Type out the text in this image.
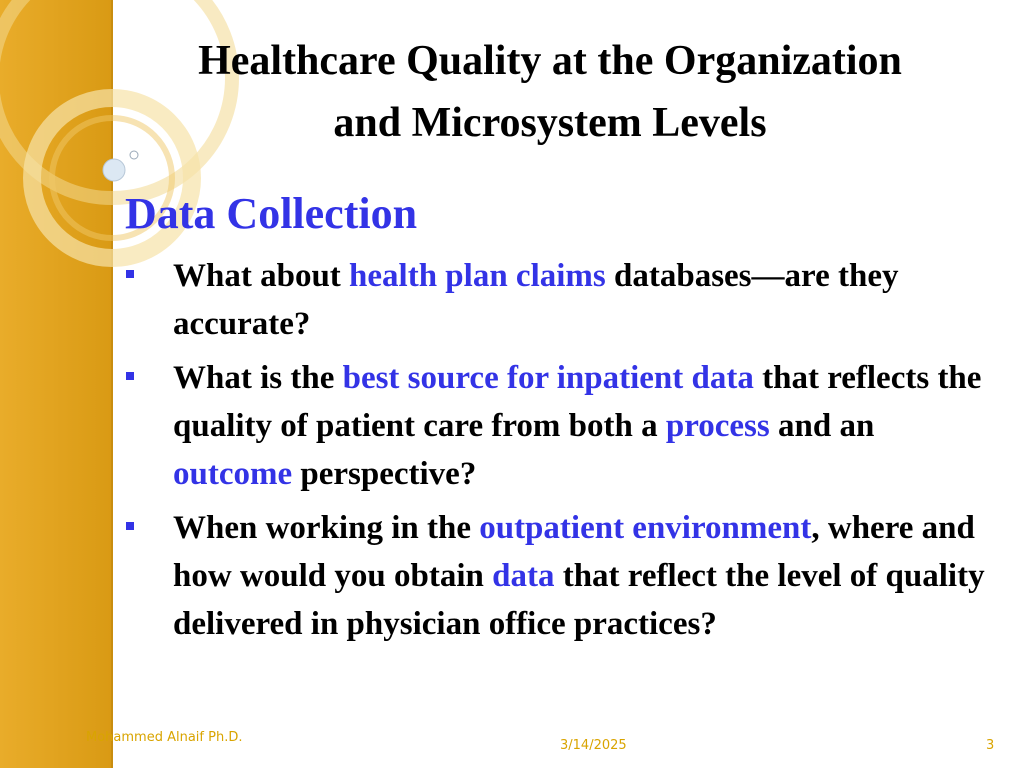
Healthcare Quality at the Organization
and Microsystem Levels
Data Collection
What about health plan claims databases—are they accurate?
What is the best source for inpatient data that reflects the quality of patient care from both a process and an outcome perspective?
When working in the outpatient environment, where and how would you obtain data that reflect the level of quality delivered in physician office practices?
Mohammed Alnaif Ph.D.
3/14/2025	3
